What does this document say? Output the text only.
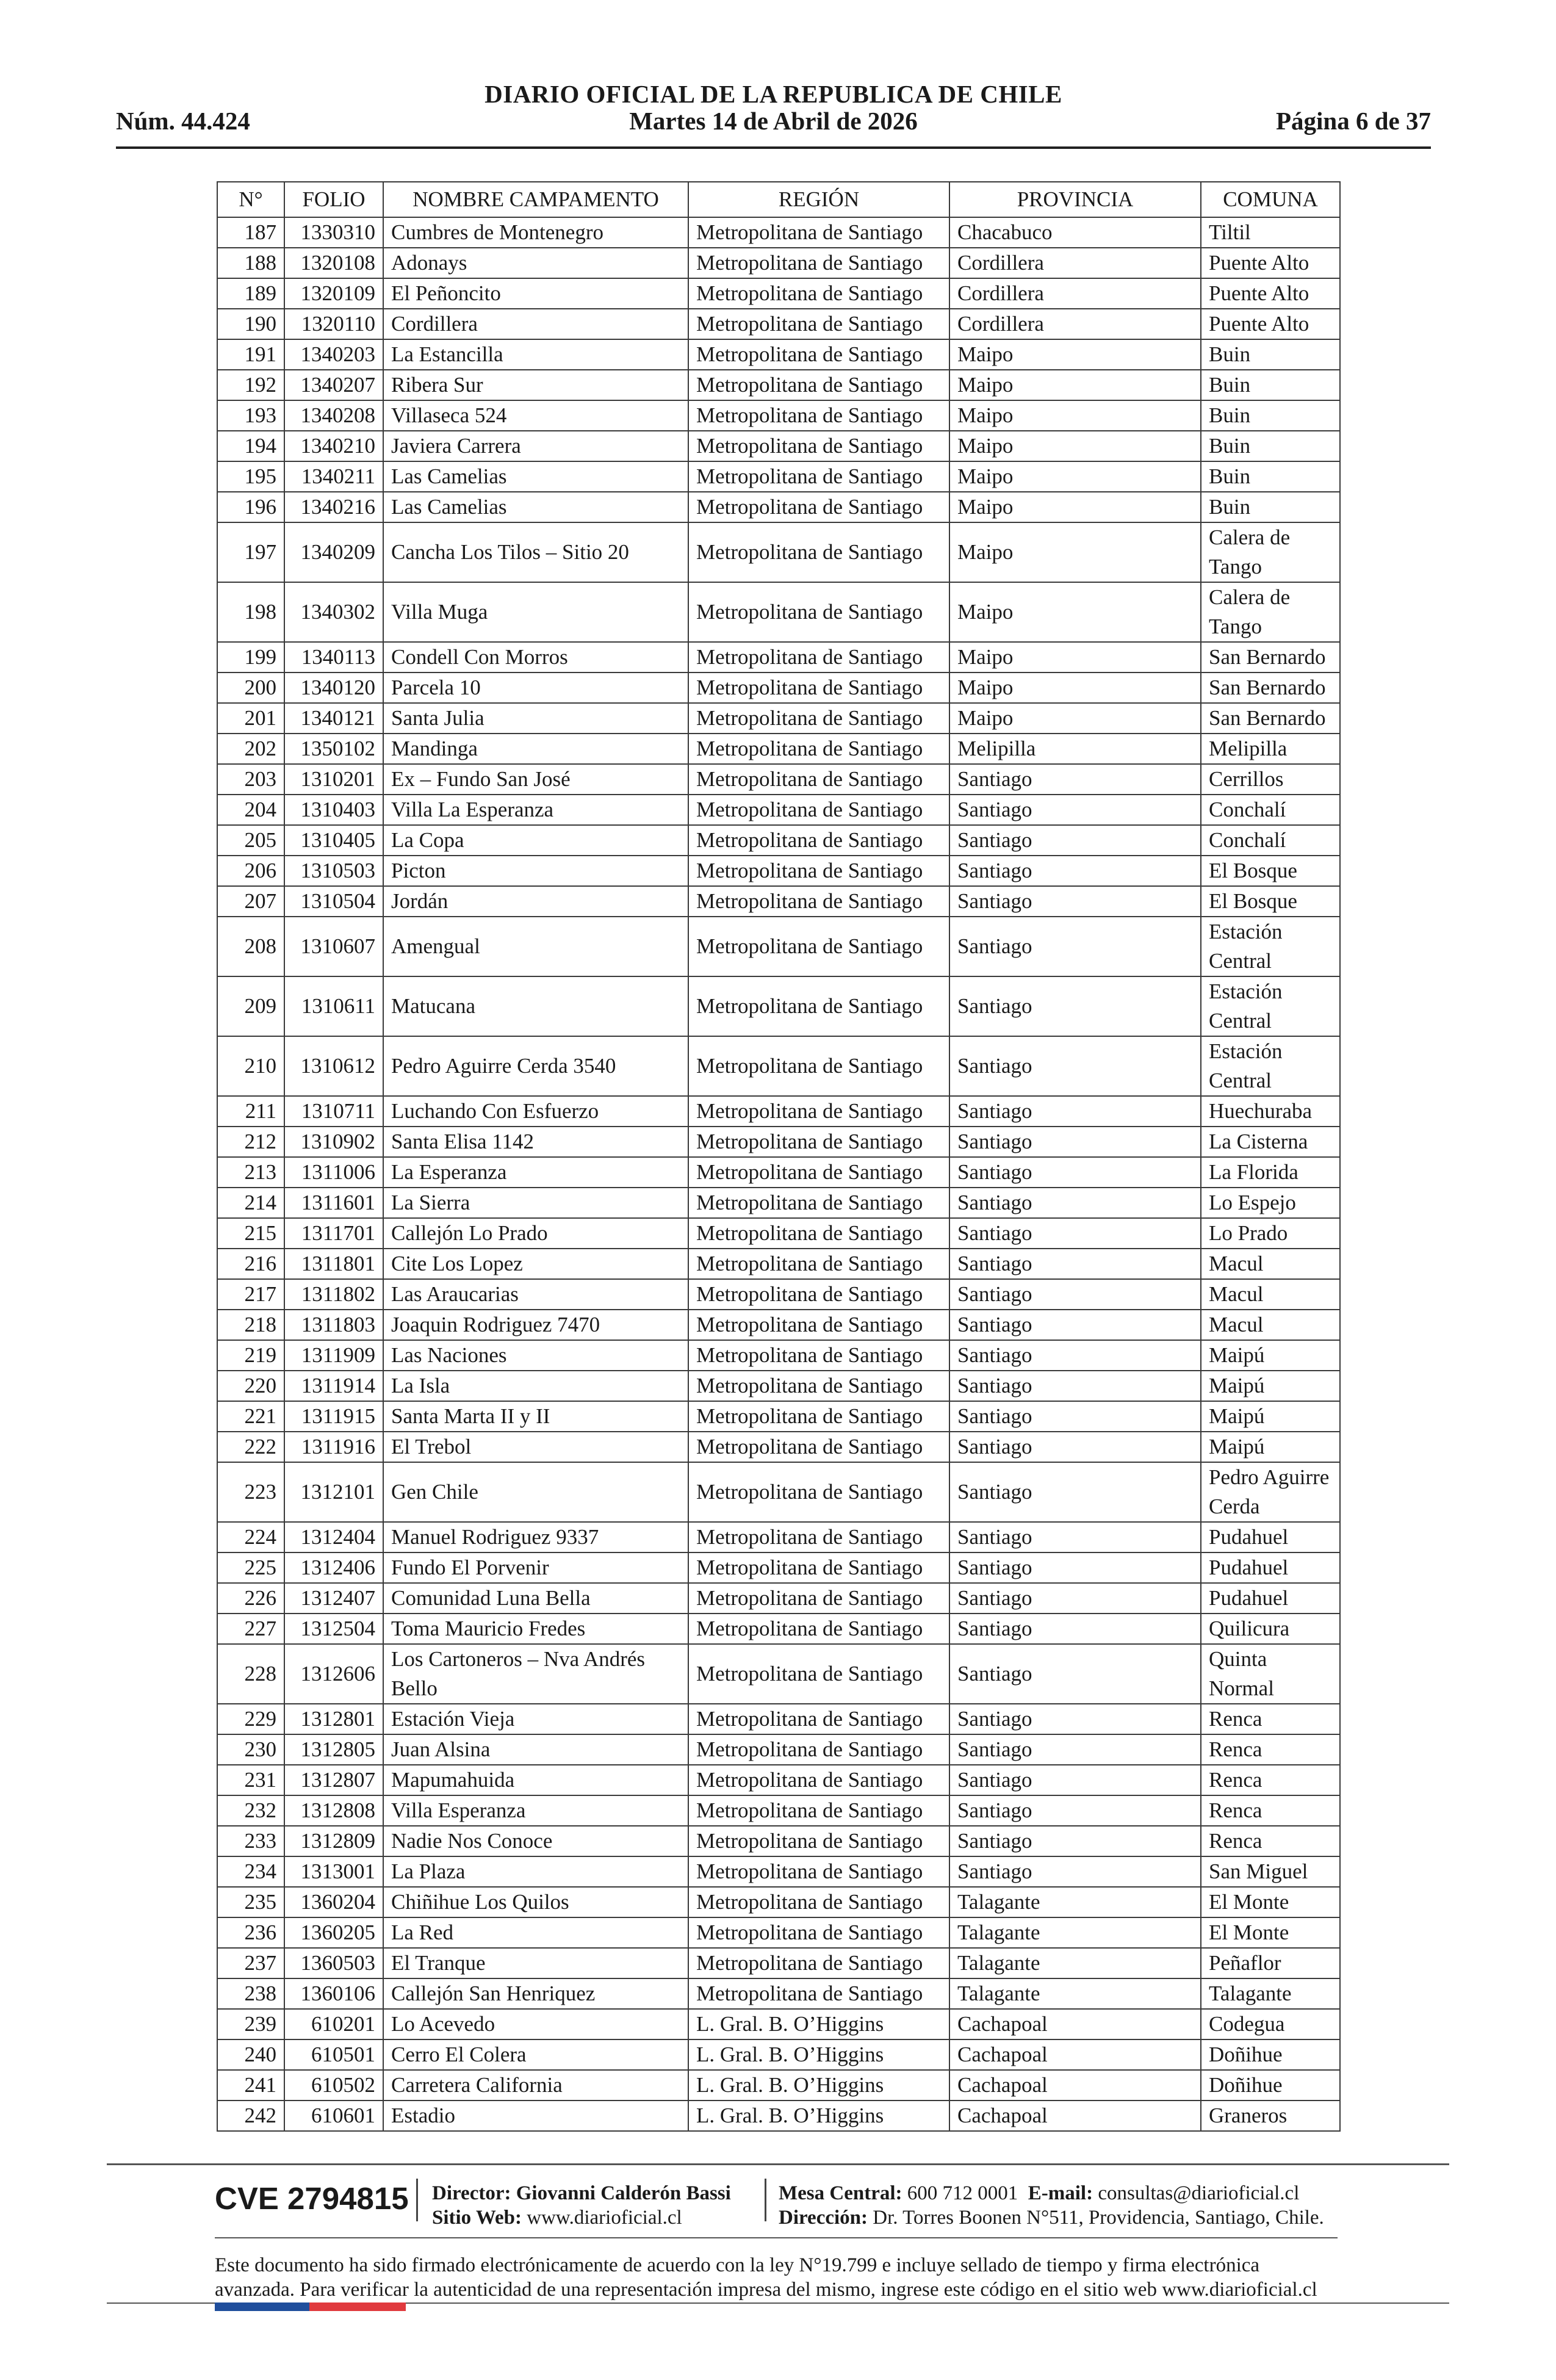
DIARIO OFICIAL DE LA REPUBLICA DE CHILE
Núm. 44.424	Martes 14 de Abril de 2026	Página 6 de 37
N°	FOLIO	NOMBRE CAMPAMENTO	REGIÓN	PROVINCIA	COMUNA
187	1330310	Cumbres de Montenegro	Metropolitana de Santiago	Chacabuco	Tiltil
188	1320108	Adonays	Metropolitana de Santiago	Cordillera	Puente Alto
189	1320109	El Peñoncito	Metropolitana de Santiago	Cordillera	Puente Alto
190	1320110	Cordillera	Metropolitana de Santiago	Cordillera	Puente Alto
191	1340203	La Estancilla	Metropolitana de Santiago	Maipo	Buin
192	1340207	Ribera Sur	Metropolitana de Santiago	Maipo	Buin
193	1340208	Villaseca 524	Metropolitana de Santiago	Maipo	Buin
194	1340210	Javiera Carrera	Metropolitana de Santiago	Maipo	Buin
195	1340211	Las Camelias	Metropolitana de Santiago	Maipo	Buin
196	1340216	Las Camelias	Metropolitana de Santiago	Maipo	Buin
197	1340209	Cancha Los Tilos – Sitio 20	Metropolitana de Santiago	Maipo	Calera de Tango
198	1340302	Villa Muga	Metropolitana de Santiago	Maipo	Calera de Tango
199	1340113	Condell Con Morros	Metropolitana de Santiago	Maipo	San Bernardo
200	1340120	Parcela 10	Metropolitana de Santiago	Maipo	San Bernardo
201	1340121	Santa Julia	Metropolitana de Santiago	Maipo	San Bernardo
202	1350102	Mandinga	Metropolitana de Santiago	Melipilla	Melipilla
203	1310201	Ex – Fundo San José	Metropolitana de Santiago	Santiago	Cerrillos
204	1310403	Villa La Esperanza	Metropolitana de Santiago	Santiago	Conchalí
205	1310405	La Copa	Metropolitana de Santiago	Santiago	Conchalí
206	1310503	Picton	Metropolitana de Santiago	Santiago	El Bosque
207	1310504	Jordán	Metropolitana de Santiago	Santiago	El Bosque
208	1310607	Amengual	Metropolitana de Santiago	Santiago	Estación Central
209	1310611	Matucana	Metropolitana de Santiago	Santiago	Estación Central
210	1310612	Pedro Aguirre Cerda 3540	Metropolitana de Santiago	Santiago	Estación Central
211	1310711	Luchando Con Esfuerzo	Metropolitana de Santiago	Santiago	Huechuraba
212	1310902	Santa Elisa 1142	Metropolitana de Santiago	Santiago	La Cisterna
213	1311006	La Esperanza	Metropolitana de Santiago	Santiago	La Florida
214	1311601	La Sierra	Metropolitana de Santiago	Santiago	Lo Espejo
215	1311701	Callejón Lo Prado	Metropolitana de Santiago	Santiago	Lo Prado
216	1311801	Cite Los Lopez	Metropolitana de Santiago	Santiago	Macul
217	1311802	Las Araucarias	Metropolitana de Santiago	Santiago	Macul
218	1311803	Joaquin Rodriguez 7470	Metropolitana de Santiago	Santiago	Macul
219	1311909	Las Naciones	Metropolitana de Santiago	Santiago	Maipú
220	1311914	La Isla	Metropolitana de Santiago	Santiago	Maipú
221	1311915	Santa Marta II y II	Metropolitana de Santiago	Santiago	Maipú
222	1311916	El Trebol	Metropolitana de Santiago	Santiago	Maipú
223	1312101	Gen Chile	Metropolitana de Santiago	Santiago	Pedro Aguirre Cerda
224	1312404	Manuel Rodriguez 9337	Metropolitana de Santiago	Santiago	Pudahuel
225	1312406	Fundo El Porvenir	Metropolitana de Santiago	Santiago	Pudahuel
226	1312407	Comunidad Luna Bella	Metropolitana de Santiago	Santiago	Pudahuel
227	1312504	Toma Mauricio Fredes	Metropolitana de Santiago	Santiago	Quilicura
228	1312606	Los Cartoneros – Nva Andrés Bello	Metropolitana de Santiago	Santiago	Quinta Normal
229	1312801	Estación Vieja	Metropolitana de Santiago	Santiago	Renca
230	1312805	Juan Alsina	Metropolitana de Santiago	Santiago	Renca
231	1312807	Mapumahuida	Metropolitana de Santiago	Santiago	Renca
232	1312808	Villa Esperanza	Metropolitana de Santiago	Santiago	Renca
233	1312809	Nadie Nos Conoce	Metropolitana de Santiago	Santiago	Renca
234	1313001	La Plaza	Metropolitana de Santiago	Santiago	San Miguel
235	1360204	Chiñihue Los Quilos	Metropolitana de Santiago	Talagante	El Monte
236	1360205	La Red	Metropolitana de Santiago	Talagante	El Monte
237	1360503	El Tranque	Metropolitana de Santiago	Talagante	Peñaflor
238	1360106	Callejón San Henriquez	Metropolitana de Santiago	Talagante	Talagante
239	610201	Lo Acevedo	L. Gral. B. O’Higgins	Cachapoal	Codegua
240	610501	Cerro El Colera	L. Gral. B. O’Higgins	Cachapoal	Doñihue
241	610502	Carretera California	L. Gral. B. O’Higgins	Cachapoal	Doñihue
242	610601	Estadio	L. Gral. B. O’Higgins	Cachapoal	Graneros
CVE 2794815 Director: Giovanni Calderón Bassi
Sitio Web: www.diarioficial.cl
Mesa Central: 600 712 0001 E-mail: consultas@diarioficial.cl
Dirección: Dr. Torres Boonen N°511, Providencia, Santiago, Chile.
Este documento ha sido firmado electrónicamente de acuerdo con la ley N°19.799 e incluye sellado de tiempo y firma electrónica
avanzada. Para verificar la autenticidad de una representación impresa del mismo, ingrese este código en el sitio web www.diarioficial.cl
